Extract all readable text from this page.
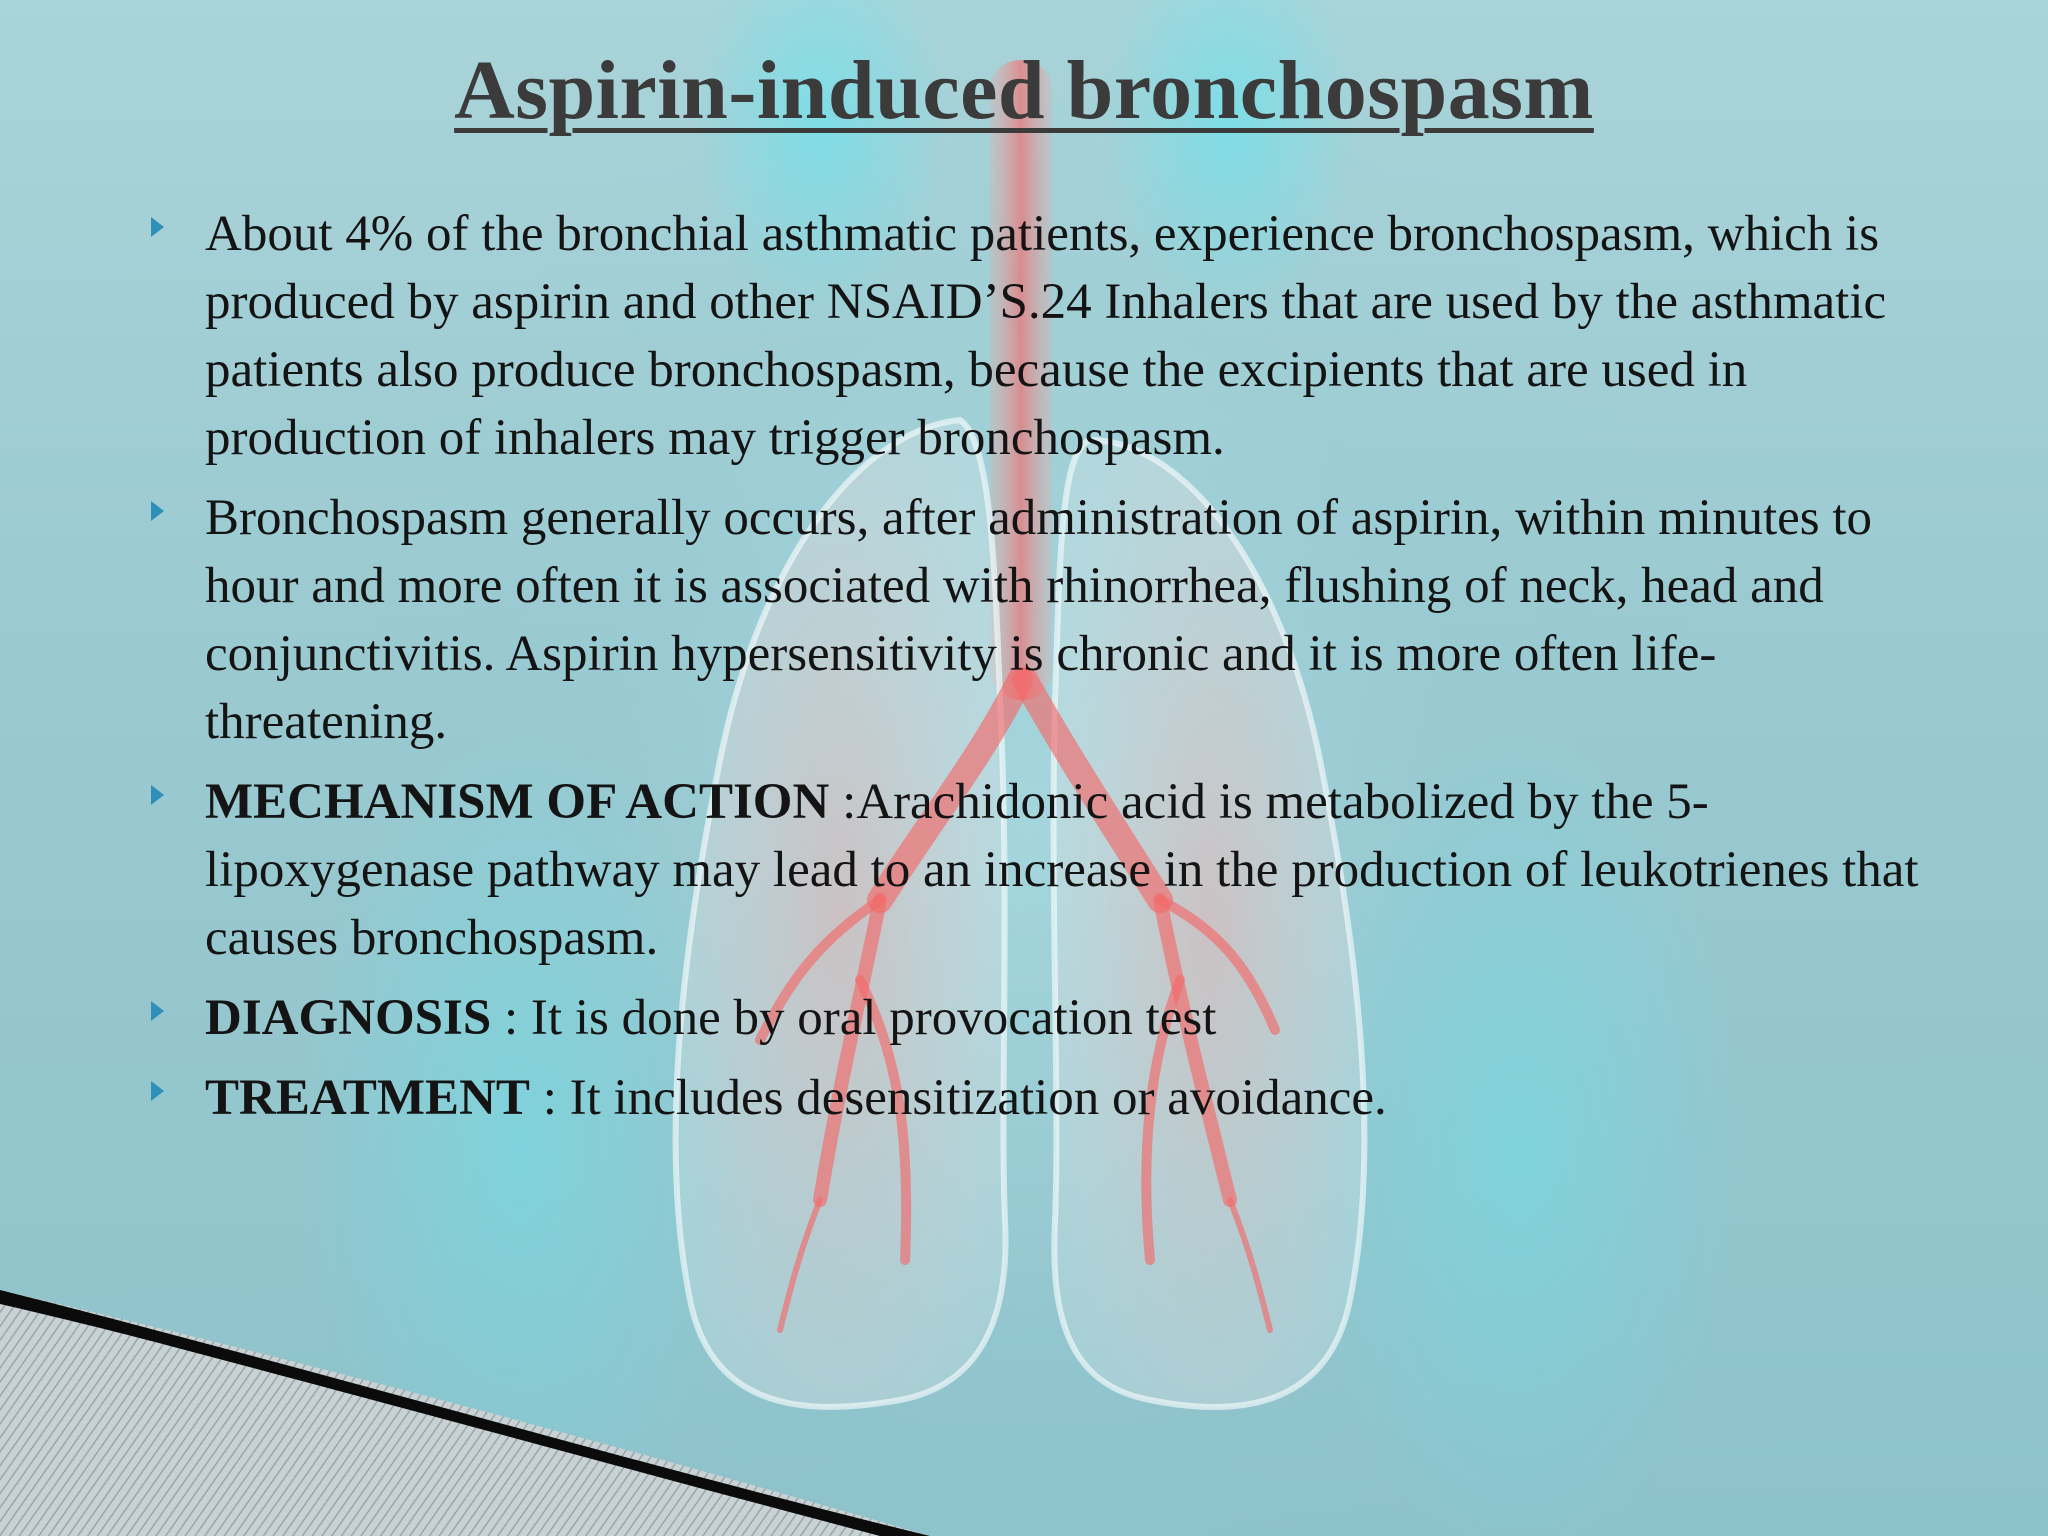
Aspirin-induced bronchospasm
About 4% of the bronchial asthmatic patients, experience bronchospasm, which is produced by aspirin and other NSAID’S.24 Inhalers that are used by the asthmatic patients also produce bronchospasm, because the excipients that are used in production of inhalers may trigger bronchospasm.
Bronchospasm generally occurs, after administration of aspirin, within minutes to hour and more often it is associated with rhinorrhea, flushing of neck, head and conjunctivitis. Aspirin hypersensitivity is chronic and it is more often life-threatening.
MECHANISM OF ACTION :Arachidonic acid is metabolized by the 5-lipoxygenase pathway may lead to an increase in the production of leukotrienes that causes bronchospasm.
DIAGNOSIS : It is done by oral provocation test
TREATMENT : It includes desensitization or avoidance.
